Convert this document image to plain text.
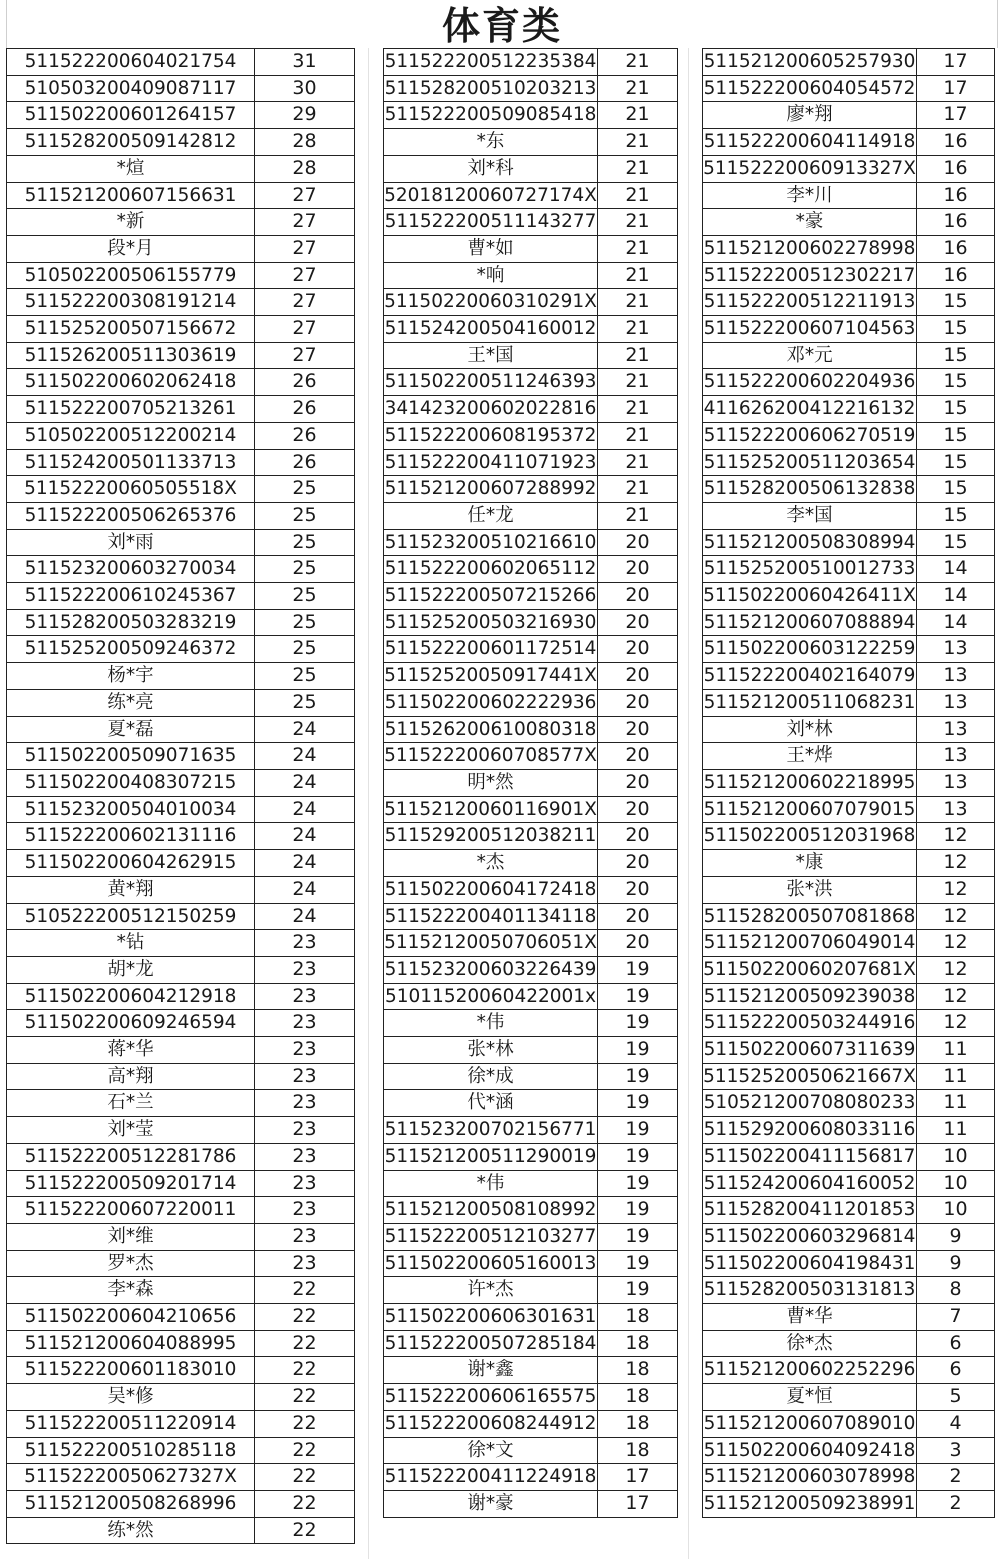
体育类
511522200604021754	31
510503200409087117	30
511502200601264157	29
511528200509142812	28
*煊	28
511521200607156631	27
*新	27
段*月	27
510502200506155779	27
511522200308191214	27
511525200507156672	27
511526200511303619	27
511502200602062418	26
511522200705213261	26
510502200512200214	26
511524200501133713	26
51152220060505518X	25
511522200506265376	25
刘*雨	25
511523200603270034	25
511522200610245367	25
511528200503283219	25
511525200509246372	25
杨*宇	25
练*亮	25
夏*磊	24
511502200509071635	24
511502200408307215	24
511523200504010034	24
511522200602131116	24
511502200604262915	24
黄*翔	24
510522200512150259	24
*钻	23
胡*龙	23
511502200604212918	23
511502200609246594	23
蒋*华	23
高*翔	23
石*兰	23
刘*莹	23
511522200512281786	23
511522200509201714	23
511522200607220011	23
刘*维	23
罗*杰	23
李*森	22
511502200604210656	22
511521200604088995	22
511522200601183010	22
吴*修	22
511522200511220914	22
511522200510285118	22
51152220050627327X	22
511521200508268996	22
练*然	22
511522200512235384	21
511528200510203213	21
511522200509085418	21
*东	21
刘*科	21
52018120060727174X	21
511522200511143277	21
曹*如	21
*响	21
51150220060310291X	21
511524200504160012	21
王*国	21
511502200511246393	21
341423200602022816	21
511522200608195372	21
511522200411071923	21
511521200607288992	21
任*龙	21
511523200510216610	20
511522200602065112	20
511522200507215266	20
511525200503216930	20
511522200601172514	20
51152520050917441X	20
511502200602222936	20
511526200610080318	20
51152220060708577X	20
明*然	20
51152120060116901X	20
511529200512038211	20
*杰	20
511502200604172418	20
511522200401134118	20
51152120050706051X	20
511523200603226439	19
51011520060422001x	19
*伟	19
张*林	19
徐*成	19
代*涵	19
511523200702156771	19
511521200511290019	19
*伟	19
511521200508108992	19
511522200512103277	19
511502200605160013	19
许*杰	19
511502200606301631	18
511522200507285184	18
谢*鑫	18
511522200606165575	18
511522200608244912	18
徐*文	18
511522200411224918	17
谢*豪	17
511521200605257930	17
511522200604054572	17
廖*翔	17
511522200604114918	16
51152220060913327X	16
李*川	16
*豪	16
511521200602278998	16
511522200512302217	16
511522200512211913	15
511522200607104563	15
邓*元	15
511522200602204936	15
411626200412216132	15
511522200606270519	15
511525200511203654	15
511528200506132838	15
李*国	15
511521200508308994	15
511525200510012733	14
51150220060426411X	14
511521200607088894	14
511502200603122259	13
511522200402164079	13
511521200511068231	13
刘*林	13
王*烨	13
511521200602218995	13
511521200607079015	13
511502200512031968	12
*康	12
张*洪	12
511528200507081868	12
511521200706049014	12
51150220060207681X	12
511521200509239038	12
511522200503244916	12
511502200607311639	11
51152520050621667X	11
510521200708080233	11
511529200608033116	11
511502200411156817	10
511524200604160052	10
511528200411201853	10
511502200603296814	9
511502200604198431	9
511528200503131813	8
曹*华	7
徐*杰	6
511521200602252296	6
夏*恒	5
511521200607089010	4
511502200604092418	3
511521200603078998	2
511521200509238991	2
